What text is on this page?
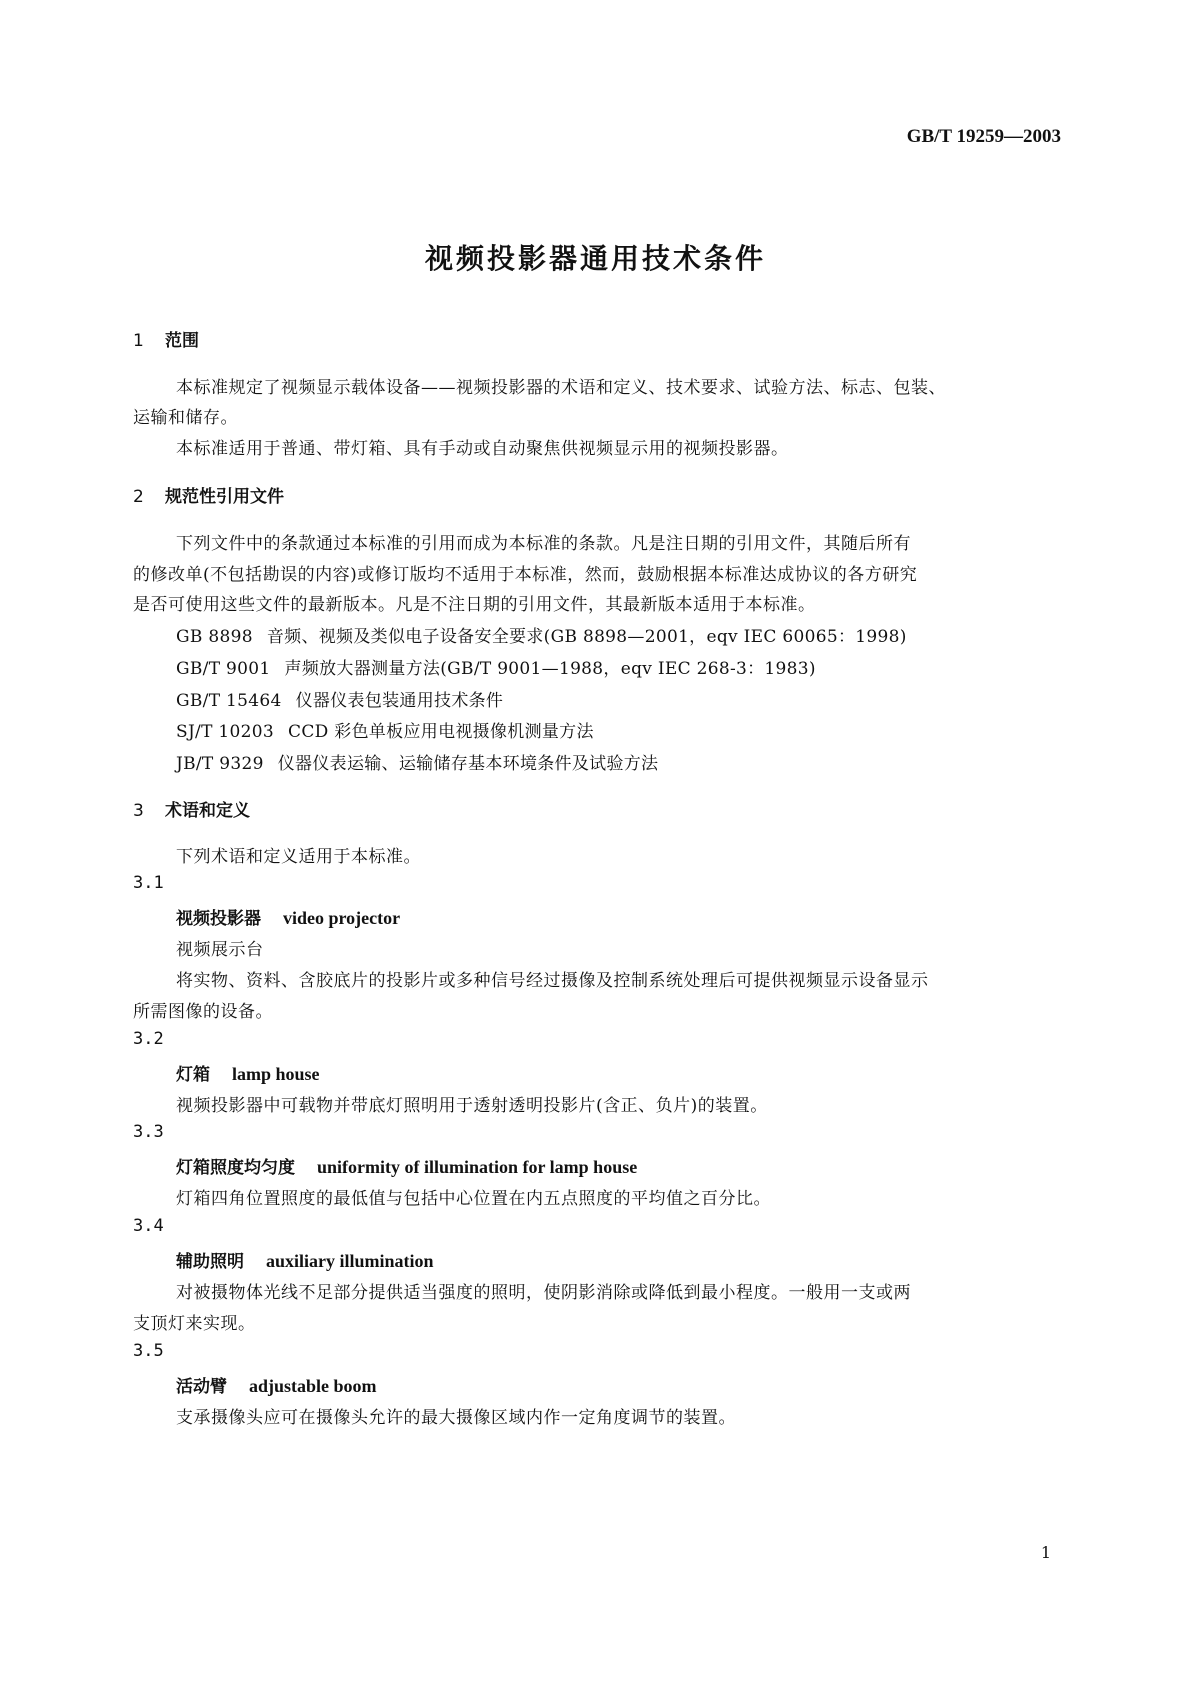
GB/T 19259—2003
视频投影器通用技术条件
1 范围
本标准规定了视频显示载体设备——视频投影器的术语和定义、技术要求、试验方法、标志、包装、
运输和储存。
本标准适用于普通、带灯箱、具有手动或自动聚焦供视频显示用的视频投影器。
2 规范性引用文件
下列文件中的条款通过本标准的引用而成为本标准的条款。凡是注日期的引用文件，其随后所有
的修改单(不包括勘误的内容)或修订版均不适用于本标准，然而，鼓励根据本标准达成协议的各方研究
是否可使用这些文件的最新版本。凡是不注日期的引用文件，其最新版本适用于本标准。
GB 8898 音频、视频及类似电子设备安全要求(GB 8898—2001，eqv IEC 60065：1998)
GB/T 9001 声频放大器测量方法(GB/T 9001—1988，eqv IEC 268-3：1983)
GB/T 15464 仪器仪表包装通用技术条件
SJ/T 10203 CCD 彩色单板应用电视摄像机测量方法
JB/T 9329 仪器仪表运输、运输储存基本环境条件及试验方法
3 术语和定义
下列术语和定义适用于本标准。
3.1
视频投影器 video projector
视频展示台
将实物、资料、含胶底片的投影片或多种信号经过摄像及控制系统处理后可提供视频显示设备显示
所需图像的设备。
3.2
灯箱 lamp house
视频投影器中可载物并带底灯照明用于透射透明投影片(含正、负片)的装置。
3.3
灯箱照度均匀度 uniformity of illumination for lamp house
灯箱四角位置照度的最低值与包括中心位置在内五点照度的平均值之百分比。
3.4
辅助照明 auxiliary illumination
对被摄物体光线不足部分提供适当强度的照明，使阴影消除或降低到最小程度。一般用一支或两
支顶灯来实现。
3.5
活动臂 adjustable boom
支承摄像头应可在摄像头允许的最大摄像区域内作一定角度调节的装置。
1
